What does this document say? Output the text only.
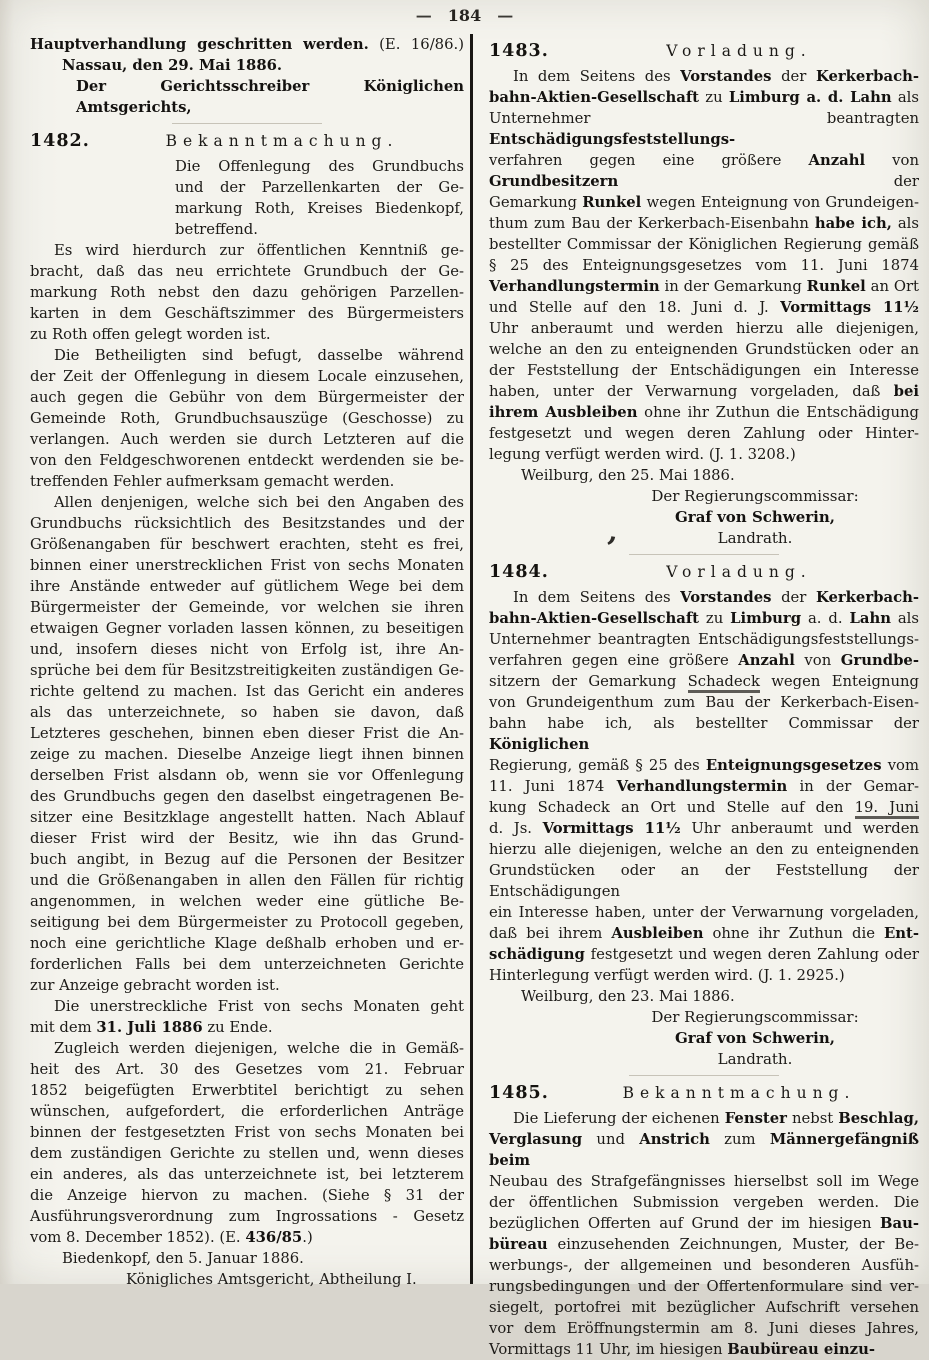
— 184 —
Hauptverhandlung geschritten werden. (E. 16/86.)
Nassau, den 29. Mai 1886.
Der Gerichtsschreiber Königlichen Amtsgerichts,
1482.	Bekanntmachung.
Die Offenlegung des Grundbuchs
und der Parzellenkarten der Ge-
markung Roth, Kreises Biedenkopf,
betreffend.
Es wird hierdurch zur öffentlichen Kenntniß ge-
bracht, daß das neu errichtete Grundbuch der Ge-
markung Roth nebst den dazu gehörigen Parzellen-
karten in dem Geschäftszimmer des Bürgermeisters
zu Roth offen gelegt worden ist.
Die Betheiligten sind befugt, dasselbe während
der Zeit der Offenlegung in diesem Locale einzusehen,
auch gegen die Gebühr von dem Bürgermeister der
Gemeinde Roth, Grundbuchsauszüge (Geschosse) zu
verlangen. Auch werden sie durch Letzteren auf die
von den Feldgeschworenen entdeckt werdenden sie be-
treffenden Fehler aufmerksam gemacht werden.
Allen denjenigen, welche sich bei den Angaben des
Grundbuchs rücksichtlich des Besitzstandes und der
Größenangaben für beschwert erachten, steht es frei,
binnen einer unerstrecklichen Frist von sechs Monaten
ihre Anstände entweder auf gütlichem Wege bei dem
Bürgermeister der Gemeinde, vor welchen sie ihren
etwaigen Gegner vorladen lassen können, zu beseitigen
und, insofern dieses nicht von Erfolg ist, ihre An-
sprüche bei dem für Besitzstreitigkeiten zuständigen Ge-
richte geltend zu machen. Ist das Gericht ein anderes
als das unterzeichnete, so haben sie davon, daß
Letzteres geschehen, binnen eben dieser Frist die An-
zeige zu machen. Dieselbe Anzeige liegt ihnen binnen
derselben Frist alsdann ob, wenn sie vor Offenlegung
des Grundbuchs gegen den daselbst eingetragenen Be-
sitzer eine Besitzklage angestellt hatten. Nach Ablauf
dieser Frist wird der Besitz, wie ihn das Grund-
buch angibt, in Bezug auf die Personen der Besitzer
und die Größenangaben in allen den Fällen für richtig
angenommen, in welchen weder eine gütliche Be-
seitigung bei dem Bürgermeister zu Protocoll gegeben,
noch eine gerichtliche Klage deßhalb erhoben und er-
forderlichen Falls bei dem unterzeichneten Gerichte
zur Anzeige gebracht worden ist.
Die unerstreckliche Frist von sechs Monaten geht
mit dem 31. Juli 1886 zu Ende.
Zugleich werden diejenigen, welche die in Gemäß-
heit des Art. 30 des Gesetzes vom 21. Februar
1852 beigefügten Erwerbtitel berichtigt zu sehen
wünschen, aufgefordert, die erforderlichen Anträge
binnen der festgesetzten Frist von sechs Monaten bei
dem zuständigen Gerichte zu stellen und, wenn dieses
ein anderes, als das unterzeichnete ist, bei letzterem
die Anzeige hiervon zu machen. (Siehe § 31 der
Ausführungsverordnung zum Ingrossations - Gesetz
vom 8. December 1852). (E. 436/85.)
Biedenkopf, den 5. Januar 1886.
Königliches Amtsgericht, Abtheilung I.
1483.	Vorladung.
In dem Seitens des Vorstandes der Kerkerbach-
bahn-Aktien-Gesellschaft zu Limburg a. d. Lahn als
Unternehmer beantragten Entschädigungsfeststellungs-
verfahren gegen eine größere Anzahl von Grundbesitzern der
Gemarkung Runkel wegen Enteignung von Grundeigen-
thum zum Bau der Kerkerbach-Eisenbahn habe ich, als
bestellter Commissar der Königlichen Regierung gemäß
§ 25 des Enteignungsgesetzes vom 11. Juni 1874
Verhandlungstermin in der Gemarkung Runkel an Ort
und Stelle auf den 18. Juni d. J. Vormittags 11½
Uhr anberaumt und werden hierzu alle diejenigen,
welche an den zu enteignenden Grundstücken oder an
der Feststellung der Entschädigungen ein Interesse
haben, unter der Verwarnung vorgeladen, daß bei
ihrem Ausbleiben ohne ihr Zuthun die Entschädigung
festgesetzt und wegen deren Zahlung oder Hinter-
legung verfügt werden wird. (J. 1. 3208.)
Weilburg, den 25. Mai 1886.
Der Regierungscommissar:
Graf von Schwerin,
Landrath.
,
1484.	Vorladung.
In dem Seitens des Vorstandes der Kerkerbach-
bahn-Aktien-Gesellschaft zu Limburg a. d. Lahn als
Unternehmer beantragten Entschädigungsfeststellungs-
verfahren gegen eine größere Anzahl von Grundbe-
sitzern der Gemarkung Schadeck wegen Enteignung
von Grundeigenthum zum Bau der Kerkerbach-Eisen-
bahn habe ich, als bestellter Commissar der Königlichen
Regierung, gemäß § 25 des Enteignungsgesetzes vom
11. Juni 1874 Verhandlungstermin in der Gemar-
kung Schadeck an Ort und Stelle auf den 19. Juni
d. Js. Vormittags 11½ Uhr anberaumt und werden
hierzu alle diejenigen, welche an den zu enteignenden
Grundstücken oder an der Feststellung der Entschädigungen
ein Interesse haben, unter der Verwarnung vorgeladen,
daß bei ihrem Ausbleiben ohne ihr Zuthun die Ent-
schädigung festgesetzt und wegen deren Zahlung oder
Hinterlegung verfügt werden wird. (J. 1. 2925.)
Weilburg, den 23. Mai 1886.
Der Regierungscommissar:
Graf von Schwerin,
Landrath.
1485.	Bekanntmachung.
Die Lieferung der eichenen Fenster nebst Beschlag,
Verglasung und Anstrich zum Männergefängniß beim
Neubau des Strafgefängnisses hierselbst soll im Wege
der öffentlichen Submission vergeben werden. Die
bezüglichen Offerten auf Grund der im hiesigen Bau-
büreau einzusehenden Zeichnungen, Muster, der Be-
werbungs-, der allgemeinen und besonderen Ausfüh-
rungsbedingungen und der Offertenformulare sind ver-
siegelt, portofrei mit bezüglicher Aufschrift versehen
vor dem Eröffnungstermin am 8. Juni dieses Jahres,
Vormittags 11 Uhr, im hiesigen Baubüreau einzu-
